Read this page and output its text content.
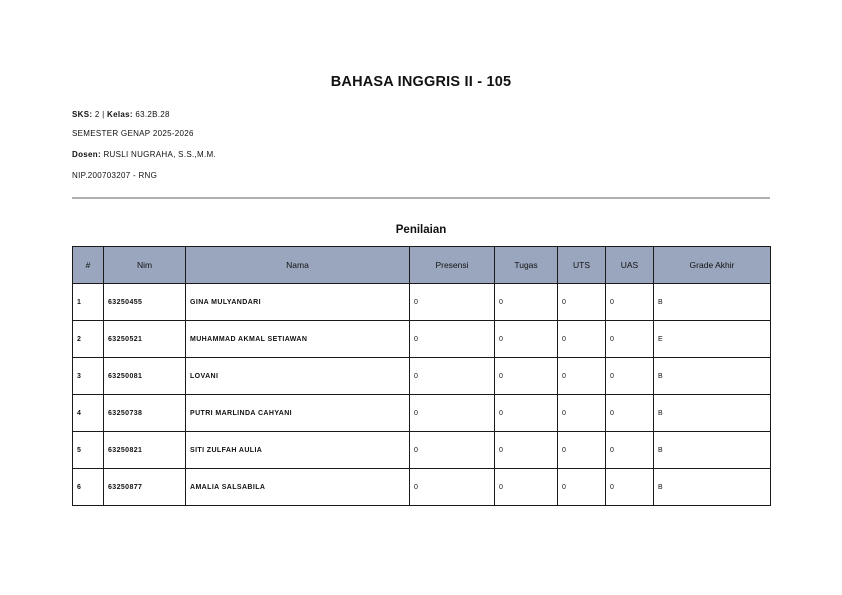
BAHASA INGGRIS II - 105
SKS: 2 | Kelas: 63.2B.28
SEMESTER GENAP 2025-2026
Dosen: RUSLI NUGRAHA, S.S.,M.M.
NIP.200703207 - RNG
Penilaian
#	Nim	Nama	Presensi	Tugas	UTS	UAS	Grade Akhir
1	63250455	GINA MULYANDARI	0	0	0	0	B
2	63250521	MUHAMMAD AKMAL SETIAWAN	0	0	0	0	E
3	63250081	LOVANI	0	0	0	0	B
4	63250738	PUTRI MARLINDA CAHYANI	0	0	0	0	B
5	63250821	SITI ZULFAH AULIA	0	0	0	0	B
6	63250877	AMALIA SALSABILA	0	0	0	0	B
